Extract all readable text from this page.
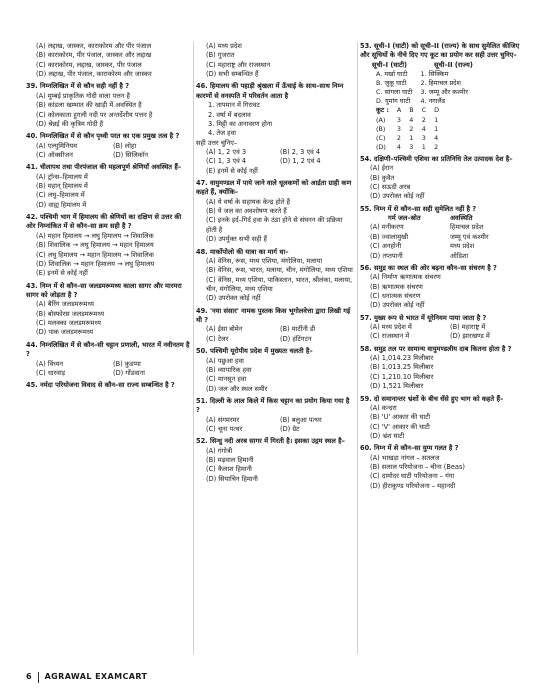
(A) लद्दाख, जास्कर, काराकोरम और पीर पंजाल
(B) काराकोरम, पीर पंजाल, जास्कर और लद्दाख
(C) काराकोरम, लद्दाख, जास्कर, पीर पंजाल
(D) लद्दाख, पीर पंजाल, काराकोरम और जास्कर
39. निम्नलिखित में से कौन सही नहीं है ?
(A) मुम्बई प्राकृतिक गोदी वाला पत्तन है
(B) कांडला खम्भात की खाड़ी में अवस्थित है
(C) कोलकाता हुगली नदी पर अन्तर्देशीय पत्तन है
(D) चेन्नई की कृत्रिम गोदी है
40. निम्नलिखित में से कौन पृथ्वी परत का एक प्रमुख तत्व है ?
(A) एल्युमिनियम	(B) लोहा
(C) ऑक्सीजन	(D) सिलिकॉन
41. चीलापथ तथा पीरपंजाल की महत्वपूर्ण श्रेणियाँ अवस्थित हैं–
(A) ट्रॉन्स–हिमालय में
(B) महान् हिमालय में
(C) लघु–हिमालय में
(D) वाह्य हिमालय में
42. पश्चिमी भाग में हिमालय की श्रेणियों का दक्षिण से उत्तर की ओर निम्नांकित में से कौन–सा क्रम सही है ?
(A) महान हिमालय → लघु हिमालय → शिवालिक
(B) शिवालिक → लघु हिमालय → महान हिमालय
(C) लघु हिमालय → महान हिमालय → शिवालिक
(D) शिवालिक → महान हिमालय → लघु हिमालय
(E) इनमें से कोई नहीं
43. निम्न में से कौन–सा जलडमरूमध्य काला सागर और मारमरा सागर को जोड़ता है ?
(A) बैरिंग जलडमरूमध्य
(B) बोस्फोरस जलडमरूमध्य
(C) मलक्का जलडमरूमध्य
(D) पाक जलडमरूमध्य
44. निम्नलिखित में से कौन–सी चट्टान प्रणाली, भारत में नवीनतम है ?
(A) विंध्यन	(B) कुडप्पा
(C) धारवाड़	(D) गोंडवाना
45. नर्मदा परियोजना विवाद से कौन–सा राज्य सम्बन्धित है ?
(A) मध्य प्रदेश
(B) गुजरात
(C) महाराष्ट्र और राजस्थान
(D) सभी सम्बन्धित हैं
46. हिमालय की पहाड़ी श्रृंखला में ऊँचाई के साथ–साथ निम्न कारणों से वनस्पति में परिवर्तन आता है
1. तापमान में गिरावट
2. वर्षा में बदलाव
3. मिट्टी का अनावरण होना
4. तेज हवा
सही उत्तर चुनिए–
(A) 1, 2 एवं 3	(B) 2, 3 एवं 4
(C) 1, 3 एवं 4	(D) 1, 2 एवं 4
(E) इनमें से कोई नहीं
47. वायुमण्डल में पाये जाने वाले धूलकणों को आर्द्रता ग्राही कण कहते हैं, क्योंकि–
(A) ये वर्षा के सहायक केन्द्र होते हैं
(B) ये जल का अवशोषण करते हैं
(C) इनके इर्द–गिर्द हवा के ठंडा होने से संघनन की प्रक्रिया होती है
(D) उपर्युक्त सभी सही हैं
48. मार्कोपोलो की यात्रा का मार्ग था–
(A) वेनिस, रूस, मध्य एशिया, मंगोलिया, मलाया
(B) वेनिस, रूस, भारत, मलाया, चीन, मंगोलिया, मध्य एशिया
(C) वेनिस, मध्य एशिया, पाकिस्तान, भारत, श्रीलंका, मलाया, चीन, मंगोलिया, मध्य एशिया
(D) उपरोक्त कोई नहीं
49. 'नया संसार' नामक पुस्तक किस भूगोलवेत्ता द्वारा लिखी गई थी ?
(A) ईसा बोमेन	(B) मार्टीनी डी
(C) टेलर	(D) हंटिंगटन
50. पश्चिमी यूरोपीय प्रदेश में मुख्यतः चलती है–
(A) पछुआ हवा
(B) व्यापारिक हवा
(C) मानसून हवा
(D) जल और स्थल समीर
51. दिल्ली के लाल किले में किस चट्टान का प्रयोग किया गया है ?
(A) संगमरमर	(B) बलुआ पत्थर
(C) चूना पत्थर	(D) ग्रेट
52. सिन्धु नदी अरब सागर में गिरती है। इसका उद्गम स्थल है–
(A) गंगोत्री
(B) मढ़वाल हिमानी
(C) कैलाश हिमानी
(D) सियाचिन हिमानी
53. सूची–I (घाटी) को सूची–II (राज्य) के साथ सुमेलित कीजिए और सूचियों के नीचे दिए गए कूट का प्रयोग कर सही उत्तर चुनिए–
सूची–I (घाटी)	सूची–II (राज्य)
A. मर्खा घाटी	1. सिक्किम
B. जुकू घाटी	2. हिमाचल प्रदेश
C. सांगला घाटी	3. जम्मू और कश्मीर
D. युमांग घाटी	4. नगालैंड
कूट :	A	B	C	D
(A)	3	4	2	1
(B)	3	2	4	1
(C)	2	1	3	4
(D)	4	3	1	2
54. दक्षिणी–पश्चिमी एशिया का प्रतिनिधि तेल उत्पादक देश है–
(A) ईरान
(B) कुवैत
(C) सऊदी अरब
(D) उपरोक्त कोई नहीं
55. निम्न में से कौन–सा सही सुमेलित नहीं है ?
गर्म जल–स्रोत	अवस्थिति
(A) मनीकरण	हिमाचल प्रदेश
(B) ज्वालामुखी	जम्मू एवं कश्मीर
(C) अनहोनी	मध्य प्रदेश
(D) तप्तपानी	ओडिशा
56. समुद्र का स्थल की ओर बढ़ना कौन–सा संचरण है ?
(A) निर्माण ऋणात्मक संचरण
(B) ऋणात्मक संचरण
(C) धनात्मक संचरण
(D) उपरोक्त कोई नहीं
57. मुख्य रूप से भारत में यूरेनियम पाया जाता है ?
(A) मध्य प्रदेश में	(B) महाराष्ट्र में
(C) राजस्थान में	(D) झारखण्ड में
58. समुद्र तल पर सामान्य वायुमण्डलीय दाब कितना होता है ?
(A) 1,014.23 मिलीबार
(B) 1,013.25 मिलीबार
(C) 1,210.10 मिलीबार
(D) 1,521 मिलीबार
59. दो समानान्तर भ्रंशों के बीच धँसे हुए भाग को कहते हैं–
(A) कन्दरा
(B) 'U' आकार की घाटी
(C) 'V' आकार की घाटी
(D) भ्रंश घाटी
60. निम्न में से कौन–सा युग्म गलत है ?
(A) भाखड़ा नांगल – सतलज
(B) सलाल परियोजना – चीना (Beas)
(C) दामोदर घाटी परियोजना – गंगा
(D) हीराकुण्ड परियोजना – महानदी
6 AGRAWAL EXAMCART
